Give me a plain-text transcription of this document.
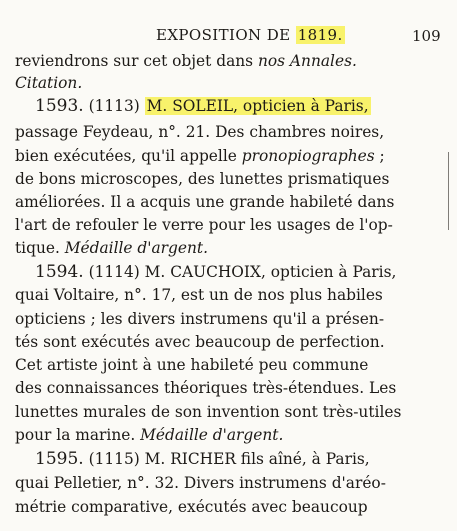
EXPOSITION DE 1819.	109
reviendrons sur cet objet dans nos Annales.
Citation.
1593. (1113) M. SOLEIL, opticien à Paris,
passage Feydeau, n°. 21. Des chambres noires,
bien exécutées, qu'il appelle pronopiographes ;
de bons microscopes, des lunettes prismatiques
améliorées. Il a acquis une grande habileté dans
l'art de refouler le verre pour les usages de l'op-
tique. Médaille d'argent.
1594. (1114) M. CAUCHOIX, opticien à Paris,
quai Voltaire, n°. 17, est un de nos plus habiles
opticiens ; les divers instrumens qu'il a présen-
tés sont exécutés avec beaucoup de perfection.
Cet artiste joint à une habileté peu commune
des connaissances théoriques très-étendues. Les
lunettes murales de son invention sont très-utiles
pour la marine. Médaille d'argent.
1595. (1115) M. RICHER fils aîné, à Paris,
quai Pelletier, n°. 32. Divers instrumens d'aréo-
métrie comparative, exécutés avec beaucoup
